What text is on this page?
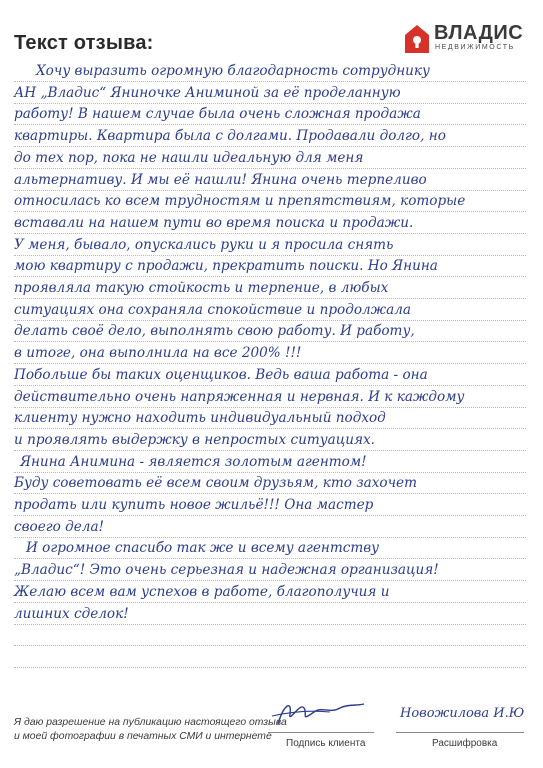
Текст отзыва:	ВЛАДИС
НЕДВИЖИМОСТЬ
Хочу выразить огромную благодарность сотруднику
АН „Владис“ Яниночке Аниминой за её проделанную
работу! В нашем случае была очень сложная продажа
квартиры. Квартира была с долгами. Продавали долго, но
до тех пор, пока не нашли идеальную для меня
альтернативу. И мы её нашли! Янина очень терпеливо
относилась ко всем трудностям и препятствиям, которые
вставали на нашем пути во время поиска и продажи.
У меня, бывало, опускались руки и я просила снять
мою квартиру с продажи, прекратить поиски. Но Янина
проявляла такую стойкость и терпение, в любых
ситуациях она сохраняла спокойствие и продолжала
делать своё дело, выполнять свою работу. И работу,
в итоге, она выполнила на все 200% !!!
Побольше бы таких оценщиков. Ведь ваша работа - она
действительно очень напряженная и нервная. И к каждому
клиенту нужно находить индивидуальный подход
и проявлять выдержку в непростых ситуациях.
Янина Анимина - является золотым агентом!
Буду советовать её всем своим друзьям, кто захочет
продать или купить новое жильё!!! Она мастер
своего дела!
И огромное спасибо так же и всему агентству
„Владис“! Это очень серьезная и надежная организация!
Желаю всем вам успехов в работе, благополучия и
лишних сделок!
Я даю разрешение на публикацию настоящего отзыва
и моей фотографии в печатных СМИ и интернете
Подпись клиента
Новожилова И.Ю
Расшифровка
